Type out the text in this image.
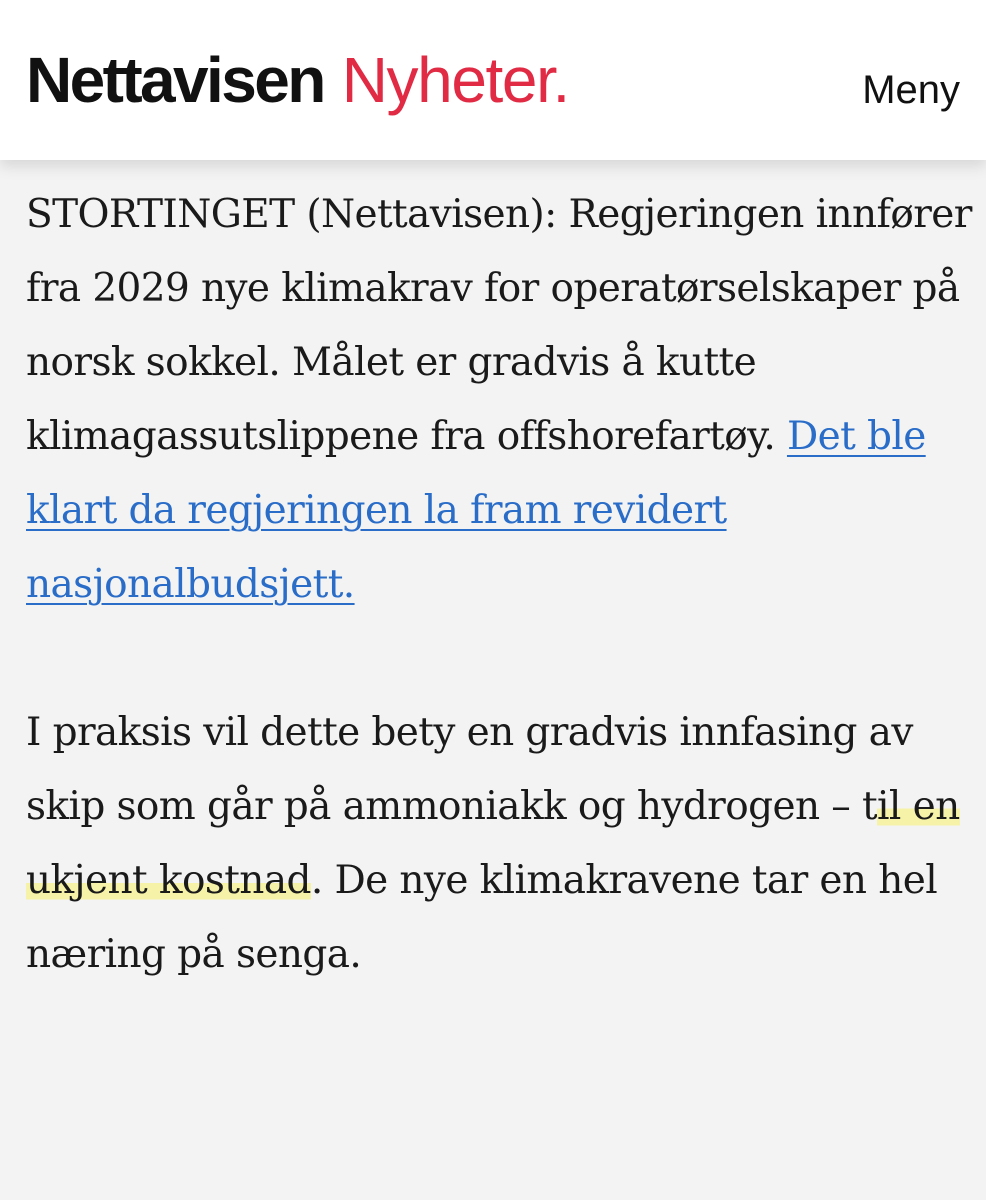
Nettavisen Nyheter.	Meny

STORTINGET (Nettavisen): Regjeringen innfører fra 2029 nye klimakrav for operatørselskaper på norsk sokkel. Målet er gradvis å kutte klimagassutslippene fra offshorefartøy. Det ble klart da regjeringen la fram revidert nasjonalbudsjett.

I praksis vil dette bety en gradvis innfasing av skip som går på ammoniakk og hydrogen – til en ukjent kostnad. De nye klimakravene tar en hel næring på senga.
